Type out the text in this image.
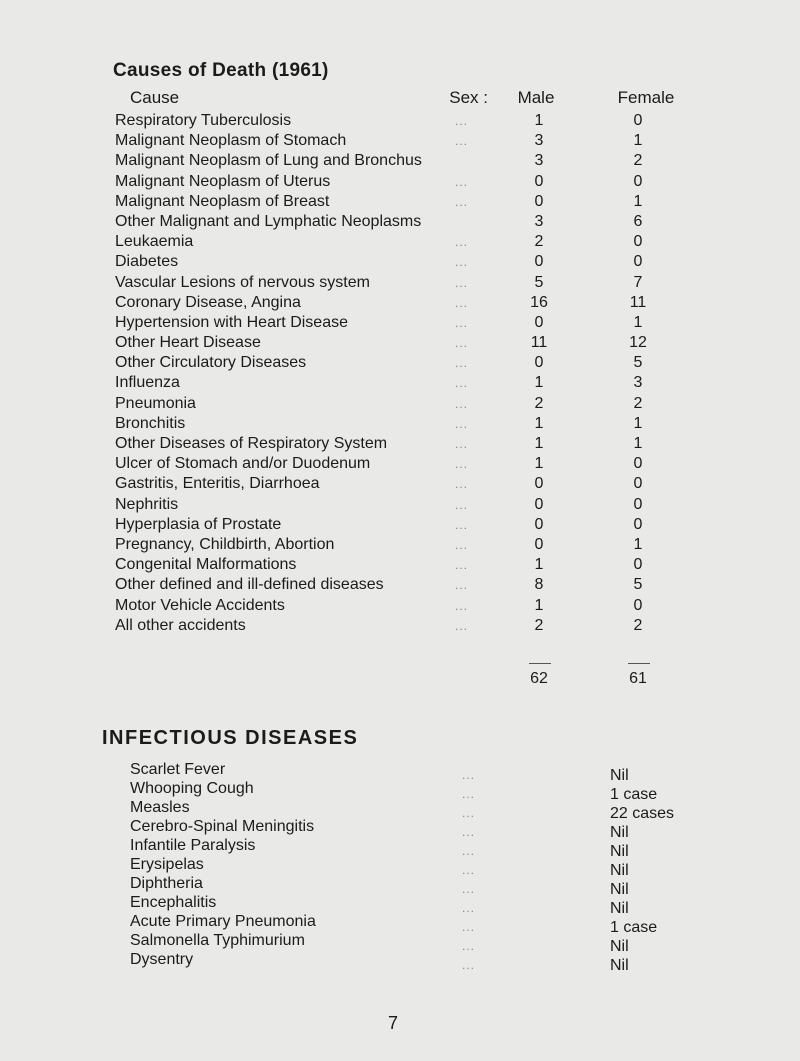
Causes of Death (1961)
Cause	Sex :	Male	Female
Respiratory Tuberculosis	...	1	0
Malignant Neoplasm of Stomach	...	3	1
Malignant Neoplasm of Lung and Bronchus	3	2
Malignant Neoplasm of Uterus	...	0	0
Malignant Neoplasm of Breast	...	0	1
Other Malignant and Lymphatic Neoplasms	3	6
Leukaemia	...	2	0
Diabetes	...	0	0
Vascular Lesions of nervous system	...	5	7
Coronary Disease, Angina	...	16	11
Hypertension with Heart Disease	...	0	1
Other Heart Disease	...	11	12
Other Circulatory Diseases	...	0	5
Influenza	...	1	3
Pneumonia	...	2	2
Bronchitis	...	1	1
Other Diseases of Respiratory System	...	1	1
Ulcer of Stomach and/or Duodenum	...	1	0
Gastritis, Enteritis, Diarrhoea	...	0	0
Nephritis	...	0	0
Hyperplasia of Prostate	...	0	0
Pregnancy, Childbirth, Abortion	...	0	1
Congenital Malformations	...	1	0
Other defined and ill-defined diseases	...	8	5
Motor Vehicle Accidents	...	1	0
All other accidents	...	2	2
62	61
INFECTIOUS DISEASES
Scarlet Fever	...	Nil
Whooping Cough	...	1 case
Measles	...	22 cases
Cerebro-Spinal Meningitis	...	Nil
Infantile Paralysis	...	Nil
Erysipelas	...	Nil
Diphtheria	...	Nil
Encephalitis	...	Nil
Acute Primary Pneumonia	...	1 case
Salmonella Typhimurium	...	Nil
Dysentry	...	Nil
7
